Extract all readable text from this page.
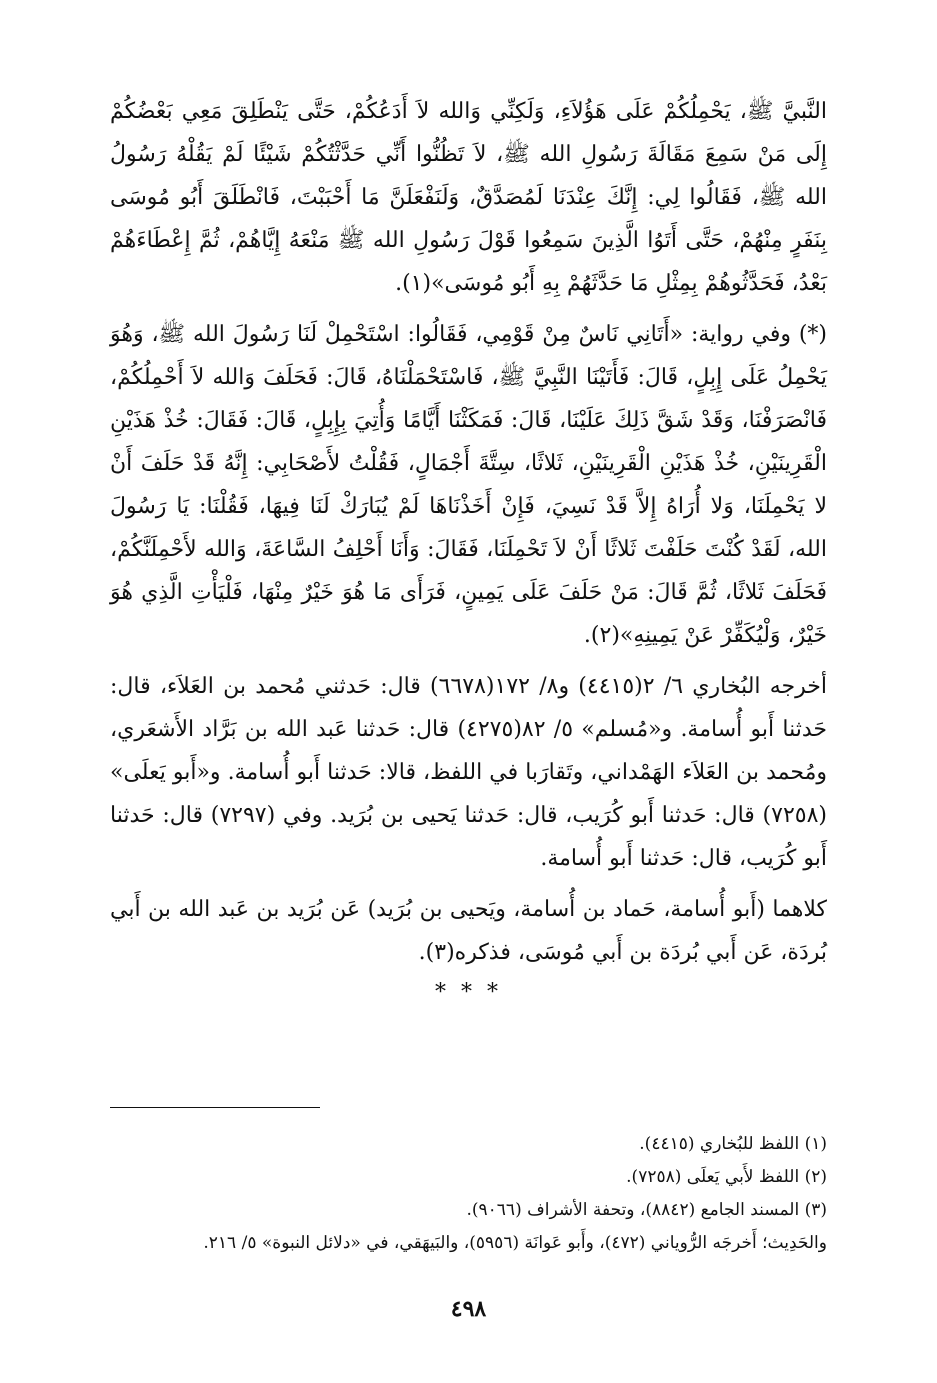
النَّبيَّ ﷺ، يَحْمِلُكُمْ عَلَى هَؤُلاَءِ، وَلَكِنِّي وَالله لاَ أَدَعُكُمْ، حَتَّى يَنْطَلِقَ مَعِي بَعْضُكُمْ إِلَى مَنْ سَمِعَ مَقَالَةَ رَسُولِ الله ﷺ، لاَ تَظُنُّوا أَنِّي حَدَّثْتُكُمْ شَيْئًا لَمْ يَقُلْهُ رَسُولُ الله ﷺ، فَقَالُوا لِي: إِنَّكَ عِنْدَنَا لَمُصَدَّقٌ، وَلَنَفْعَلَنَّ مَا أَحْبَبْتَ، فَانْطَلَقَ أَبُو مُوسَى بِنَفَرٍ مِنْهُمْ، حَتَّى أَتَوُا الَّذِينَ سَمِعُوا قَوْلَ رَسُولِ الله ﷺ مَنْعَهُ إِيَّاهُمْ، ثُمَّ إِعْطَاءَهُمْ بَعْدُ، فَحَدَّثُوهُمْ بِمِثْلِ مَا حَدَّثَهُمْ بِهِ أَبُو مُوسَى»(١).

(*) وفي رواية: «أَتَانِي نَاسٌ مِنْ قَوْمِي، فَقَالُوا: اسْتَحْمِلْ لَنَا رَسُولَ الله ﷺ، وَهُوَ يَحْمِلُ عَلَى إِبِلٍ، قَالَ: فَأَتَيْنَا النَّبِيَّ ﷺ، فَاسْتَحْمَلْنَاهُ، قَالَ: فَحَلَفَ وَالله لاَ أَحْمِلُكُمْ، فَانْصَرَفْنَا، وَقَدْ شَقَّ ذَلِكَ عَلَيْنَا، قَالَ: فَمَكَثْنَا أَيَّامًا وَأُتِيَ بِإِبِلٍ، قَالَ: فَقَالَ: خُذْ هَذَيْنِ الْقَرِينَيْنِ، خُذْ هَذَيْنِ الْقَرِينَيْنِ، ثَلاثًا، سِتَّةَ أَجْمَالٍ، فَقُلْتُ لأَصْحَابِي: إِنَّهُ قَدْ حَلَفَ أَنْ لا يَحْمِلَنَا، وَلا أُرَاهُ إِلاَّ قَدْ نَسِيَ، فَإِنْ أَخَذْنَاهَا لَمْ يُبَارَكْ لَنَا فِيهَا، فَقُلْنَا: يَا رَسُولَ الله، لَقَدْ كُنْتَ حَلَفْتَ ثَلاثًا أَنْ لاَ تَحْمِلَنَا، فَقَالَ: وَأَنَا أَحْلِفُ السَّاعَةَ، وَالله لأَحْمِلَنَّكُمْ، فَحَلَفَ ثَلاثًا، ثُمَّ قَالَ: مَنْ حَلَفَ عَلَى يَمِينٍ، فَرَأَى مَا هُوَ خَيْرٌ مِنْهَا، فَلْيَأْتِ الَّذِي هُوَ خَيْرٌ، وَلْيُكَفِّرْ عَنْ يَمِينِهِ»(٢).

أخرجه البُخاري ٦/ ٢(٤٤١٥) و٨/ ١٧٢(٦٦٧٨) قال: حَدثني مُحمد بن العَلاَء، قال: حَدثنا أَبو أُسامة. و«مُسلم» ٥/ ٨٢(٤٢٧٥) قال: حَدثنا عَبد الله بن بَرَّاد الأَشعَري، ومُحمد بن العَلاَء الهَمْداني، وتَقارَبا في اللفظ، قالا: حَدثنا أَبو أُسامة. و«أَبو يَعلَى» (٧٢٥٨) قال: حَدثنا أَبو كُرَيب، قال: حَدثنا يَحيى بن بُرَيد. وفي (٧٢٩٧) قال: حَدثنا أَبو كُرَيب، قال: حَدثنا أَبو أُسامة.

كلاهما (أَبو أُسامة، حَماد بن أُسامة، ويَحيى بن بُرَيد) عَن بُرَيد بن عَبد الله بن أَبي بُردَة، عَن أَبي بُردَة بن أَبي مُوسَى، فذكره(٣).

* * *

(١) اللفظ للبُخاري (٤٤١٥).

(٢) اللفظ لأَبي يَعلَى (٧٢٥٨).

(٣) المسند الجامع (٨٨٤٢)، وتحفة الأشراف (٩٠٦٦).

والحَدِيث؛ أَخرجَه الرُّوياني (٤٧٢)، وأَبو عَوانَة (٥٩٥٦)، والبَيهَقي، في «دلائل النبوة» ٥/ ٢١٦.

٤٩٨
